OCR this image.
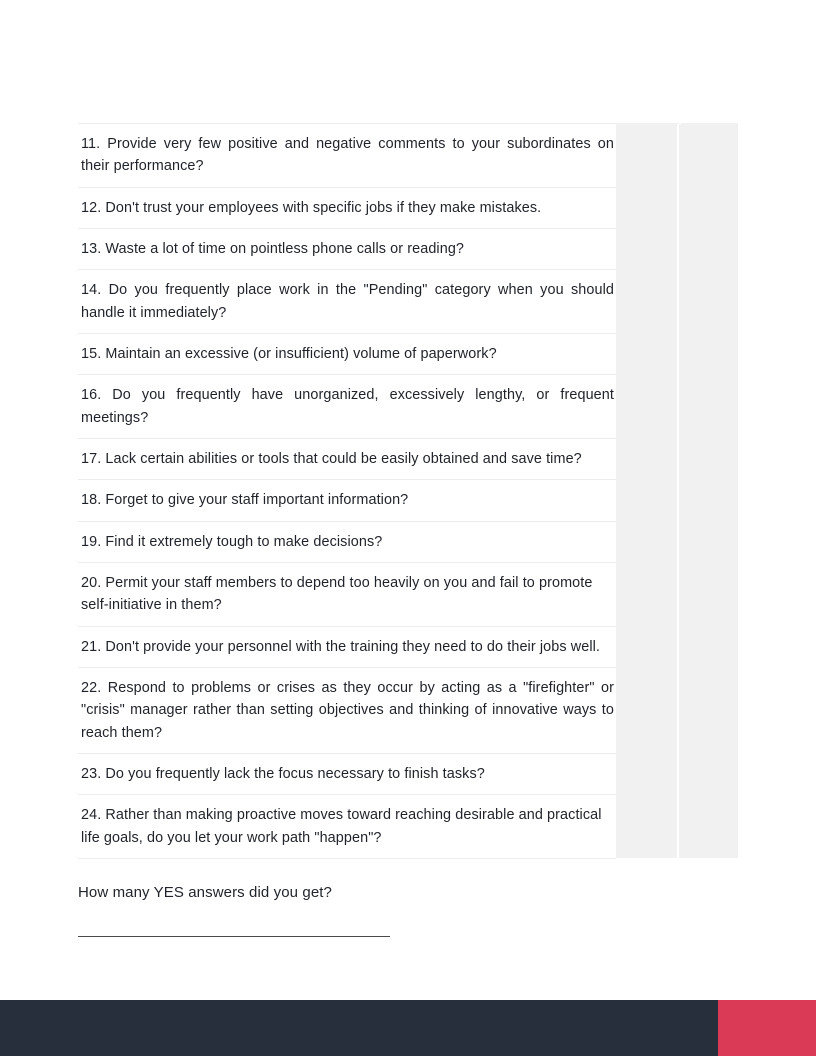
11. Provide very few positive and negative comments to your subordinates on their performance?		

12. Don't trust your employees with specific jobs if they make mistakes.		

13. Waste a lot of time on pointless phone calls or reading?		

14. Do you frequently place work in the "Pending" category when you should handle it immediately?		

15. Maintain an excessive (or insufficient) volume of paperwork?		

16. Do you frequently have unorganized, excessively lengthy, or frequent meetings?		

17. Lack certain abilities or tools that could be easily obtained and save time?		

18. Forget to give your staff important information?		

19. Find it extremely tough to make decisions?		

20. Permit your staff members to depend too heavily on you and fail to promote self-initiative in them?		

21. Don't provide your personnel with the training they need to do their jobs well.		

22. Respond to problems or crises as they occur by acting as a "firefighter" or "crisis" manager rather than setting objectives and thinking of innovative ways to reach them?		

23. Do you frequently lack the focus necessary to finish tasks?		

24. Rather than making proactive moves toward reaching desirable and practical life goals, do you let your work path "happen"?		

How many YES answers did you get?
